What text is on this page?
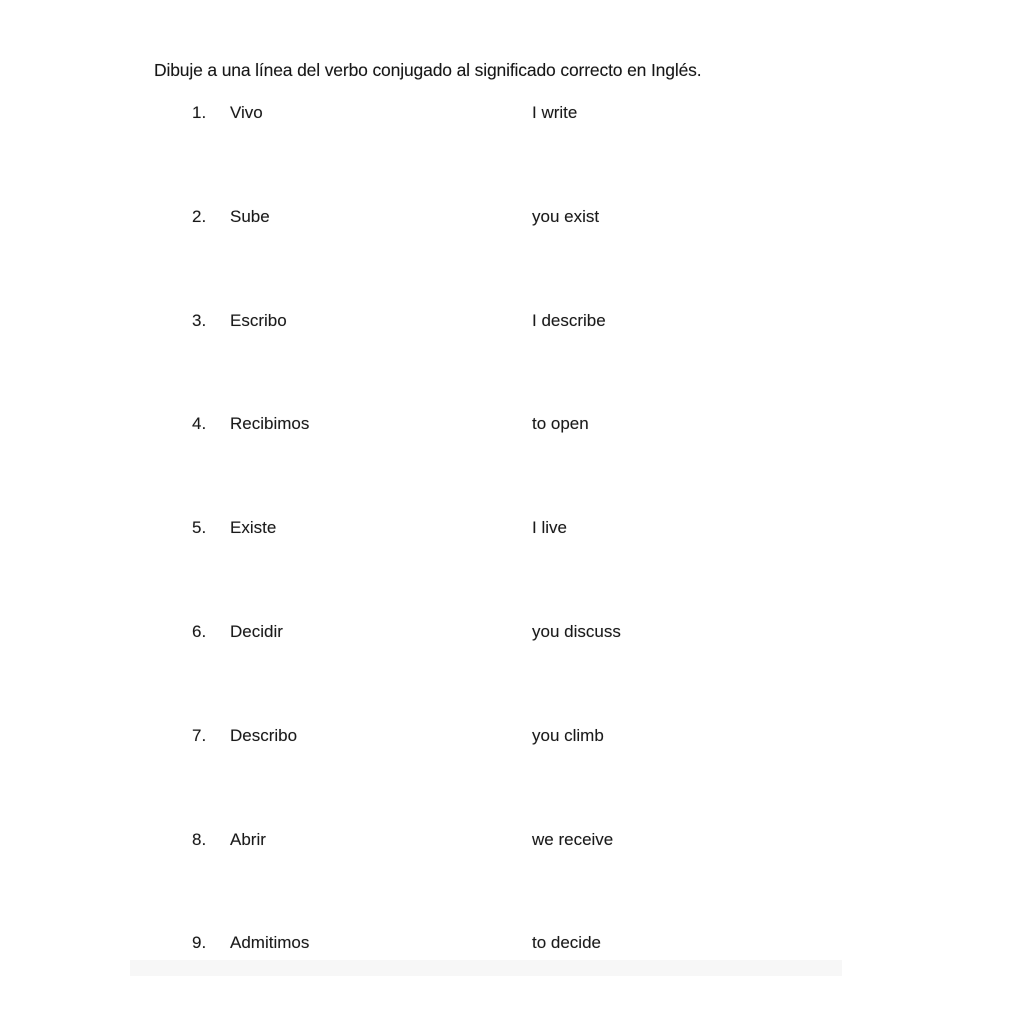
Dibuje a una línea del verbo conjugado al significado correcto en Inglés.
1. Vivo	I write
2. Sube	you exist
3. Escribo	I describe
4. Recibimos	to open
5. Existe	I live
6. Decidir	you discuss
7. Describo	you climb
8. Abrir	we receive
9. Admitimos	to decide
